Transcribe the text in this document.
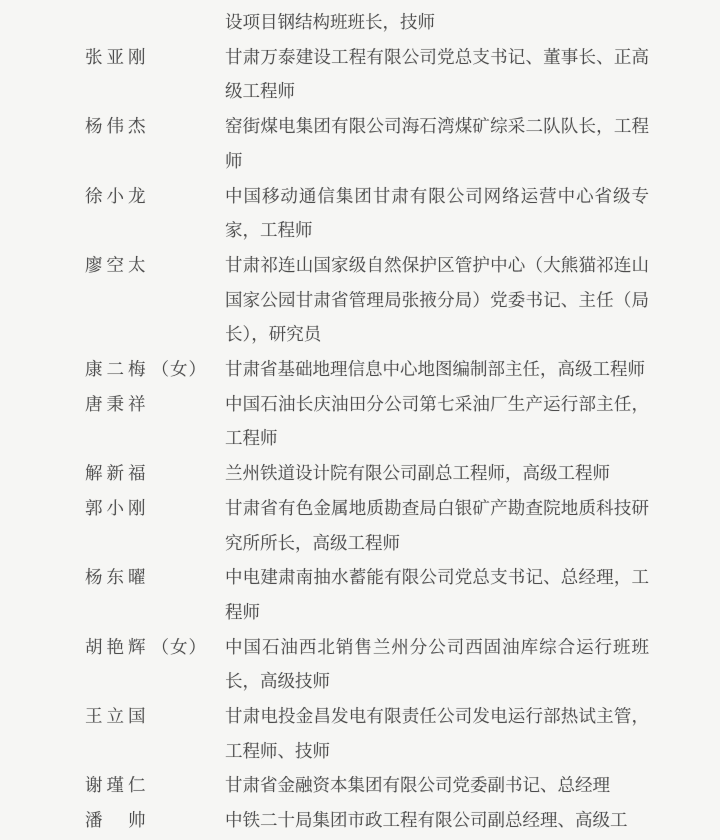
设项目钢结构班班长，技师
张亚刚	甘肃万泰建设工程有限公司党总支书记、董事长、正高级工程师
杨伟杰	窑街煤电集团有限公司海石湾煤矿综采二队队长，工程师
徐小龙	中国移动通信集团甘肃有限公司网络运营中心省级专家，工程师
廖空太	甘肃祁连山国家级自然保护区管护中心（大熊猫祁连山国家公园甘肃省管理局张掖分局）党委书记、主任（局长），研究员
康二梅 （女）	甘肃省基础地理信息中心地图编制部主任，高级工程师
唐秉祥	中国石油长庆油田分公司第七采油厂生产运行部主任，工程师
解新福	兰州铁道设计院有限公司副总工程师，高级工程师
郭小刚	甘肃省有色金属地质勘查局白银矿产勘查院地质科技研究所所长，高级工程师
杨东曜	中电建肃南抽水蓄能有限公司党总支书记、总经理，工程师
胡艳辉 （女）	中国石油西北销售兰州分公司西固油库综合运行班班长，高级技师
王立国	甘肃电投金昌发电有限责任公司发电运行部热试主管，工程师、技师
谢瑾仁	甘肃省金融资本集团有限公司党委副书记、总经理
潘　帅	中铁二十局集团市政工程有限公司副总经理、高级工
